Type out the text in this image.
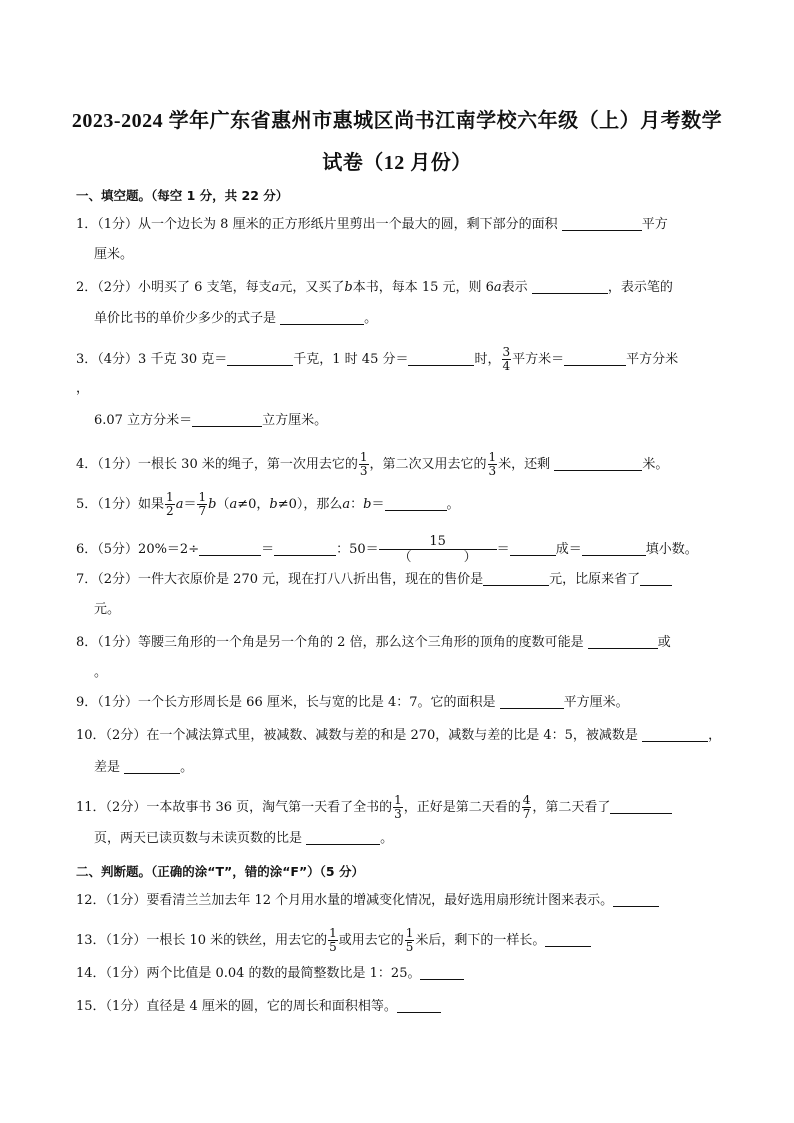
2023-2024 学年广东省惠州市惠城区尚书江南学校六年级（上）月考数学
试卷（12 月份）
一、填空题。（每空 1 分，共 22 分）
1．（1分）从一个边长为 8 厘米的正方形纸片里剪出一个最大的圆，剩下部分的面积	平方
厘米。
2．（2分）小明买了 6 支笔，每支a元，又买了b本书，每本 15 元，则 6a表示	，表示笔的
单价比书的单价少多少的式子是	。
3．（4分）3 千克 30 克＝	千克，1 时 45 分＝	时， $\frac{3}{4}$ 平方米＝	平方分米
，
6.07 立方分米＝	立方厘米。
4．（1分）一根长 30 米的绳子，第一次用去它的 $\frac{1}{3}$ ，第二次又用去它的 $\frac{1}{3}$ 米，还剩	米。
5．（1分）如果 $\frac{1}{2} a= \frac{1}{7} b(a\ne 0$，b≠0），那么a：b＝	。
6．（5分）20%＝2÷	＝	：$50= \frac{15}{( )}$ ＝	成＝	填小数。
7．（2分）一件大衣原价是 270 元，现在打八八折出售，现在的售价是	元，比原来省了
元。
8．（1分）等腰三角形的一个角是另一个角的 2 倍，那么这个三角形的顶角的度数可能是	或
。
9．（1分）一个长方形周长是 66 厘米，长与宽的比是 4：7。它的面积是	平方厘米。
10．（2分）在一个减法算式里，被减数、减数与差的和是 270，减数与差的比是 4：5，被减数是	，
差是	。
11．（2分）一本故事书 36 页，淘气第一天看了全书的 $\frac{1}{3}$ ，正好是第二天看的 $\frac{4}{7}$ ，第二天看了
页，两天已读页数与未读页数的比是	。
二、判断题。（正确的涂“T”，错的涂“F”）（5 分）
12．（1分）要看清兰兰加去年 12 个月用水量的增减变化情况，最好选用扇形统计图来表示。
13．（1分）一根长 10 米的铁丝，用去它的 $\frac{1}{5}$ 或用去它的 $\frac{1}{5}$ 米后，剩下的一样长。
14．（1分）两个比值是 0.04 的数的最简整数比是 1：25。
15．（1分）直径是 4 厘米的圆，它的周长和面积相等。
